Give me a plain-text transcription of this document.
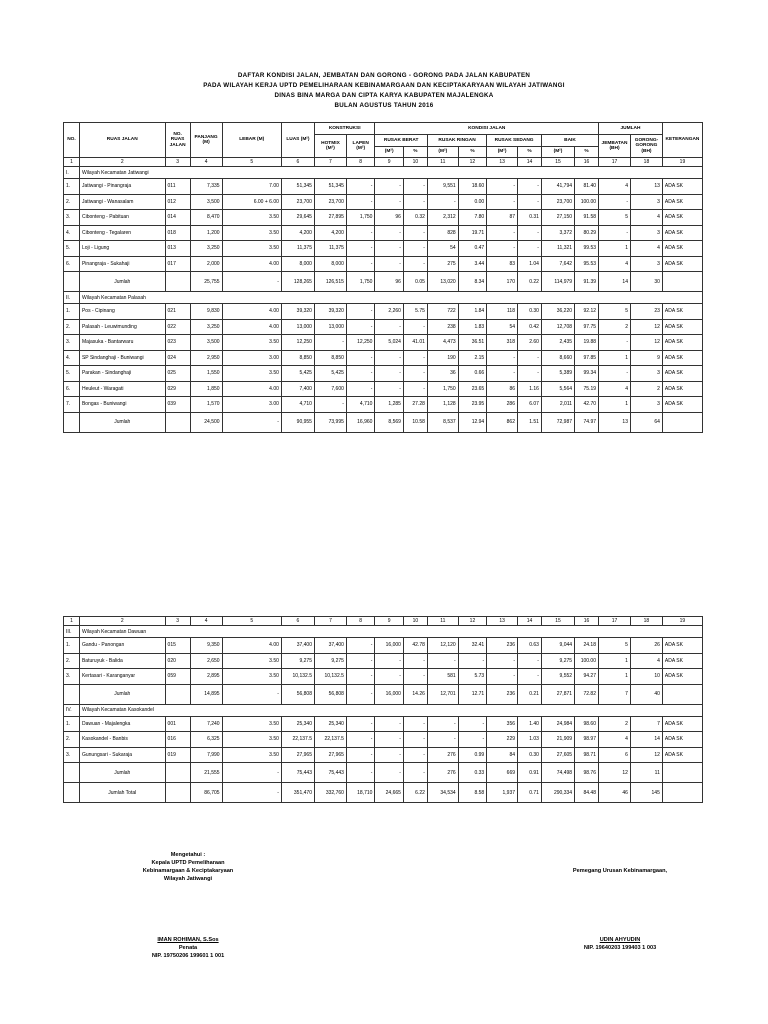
DAFTAR KONDISI JALAN, JEMBATAN DAN GORONG - GORONG PADA JALAN KABUPATEN
PADA WILAYAH KERJA UPTD PEMELIHARAAN KEBINAMARGAAN DAN KECIPTAKARYAAN WILAYAH JATIWANGI
DINAS BINA MARGA DAN CIPTA KARYA KABUPATEN MAJALENGKA
BULAN AGUSTUS TAHUN 2016
NO.	RUAS JALAN	NO. RUAS JALAN	PANJANG (M)	LEBAR (M)	LUAS (M²)	KONSTRUKSI		KONDISI JALAN								JUMLAH		KETERANGAN
						HOTMIX (M²)	LAPEN (M²)	RUSAK BERAT		RUSAK RINGAN		RUSAK SEDANG		BAIK		JEMBATAN (BH)	GORONG-GORONG (BH)	
								(M²)	%	(M²)	%	(M²)	%	(M²)	%			
1	2	3	4	5	6	7	8	9	10	11	12	13	14	15	16	17	18	19
I.	Wilayah Kecamatan Jatiwangi																	
1.	Jatiwangi - Pinangraja	011	7,335	7.00	51,345	51,345	-	-	-	9,551	18.60	-	-	41,794	81.40	4	13	ADA SK
2.	Jatiwangi - Wanasalam	012	3,500	6.00 + 6.00	23,700	23,700	-	-	-	-	0.00	-	-	23,700	100.00	-	3	ADA SK
3.	Cibonteng - Pabituan	014	8,470	3.50	29,645	27,895	1,750	96	0.32	2,312	7.80	87	0.31	27,150	91.58	5	4	ADA SK
4.	Cibonteng - Tegalaren	018	1,200	3.50	4,200	4,200	-	-	-	828	19.71	-	-	3,372	80.29	-	3	ADA SK
5.	Loji - Ligung	013	3,250	3.50	11,375	11,375	-	-	-	54	0.47	-	-	11,321	99.53	1	4	ADA SK
6.	Pinangraja - Sukahaji	017	2,000	4.00	8,000	8,000	-	-	-	275	3.44	83	1.04	7,642	95.53	4	3	ADA SK
	Jumlah		25,755	-	128,265	126,515	1,750	96	0.05	13,020	8.34	170	0.22	114,979	91.39	14	30	
II.	Wilayah Kecamatan Palasah																	
1.	Pos - Cipinang	021	9,830	4.00	39,320	39,320	-	2,260	5.75	722	1.84	118	0.30	36,220	92.12	5	23	ADA SK
2.	Palasah - Leuwimunding	022	3,250	4.00	13,000	13,000	-	-	-	238	1.83	54	0.42	12,708	97.75	2	12	ADA SK
3.	Majasuka - Bantarwaru	023	3,500	3.50	12,250	-	12,250	5,024	41.01	4,473	36.51	318	2.60	2,435	19.88	-	12	ADA SK
4.	SP Sindanghaji - Buniwangi	024	2,950	3.00	8,850	8,850	-	-	-	190	2.15	-	-	8,660	97.85	1	9	ADA SK
5.	Parakan - Sindanghaji	025	1,550	3.50	5,425	5,425	-	-	-	36	0.66	-	-	5,389	99.34	-	3	ADA SK
6.	Heuleut - Waragati	029	1,850	4.00	7,400	7,600	-	-	-	1,750	23.65	86	1.16	5,564	75.19	4	2	ADA SK
7.	Bongas - Buniwangi	039	1,570	3.00	4,710	-	4,710	1,285	27.28	1,128	23.95	286	6.07	2,011	42.70	1	3	ADA SK
	Jumlah		24,500	-	90,955	73,995	16,960	8,569	10.58	8,537	12.94	862	1.51	72,987	74.97	13	64	
1	2	3	4	5	6	7	8	9	10	11	12	13	14	15	16	17	18	19
III.	Wilayah Kecamatan Dawuan																	
1.	Gandu - Panongan	015	9,350	4.00	37,400	37,400	-	16,000	42.78	12,120	32.41	236	0.63	9,044	24.18	5	26	ADA SK
2.	Baturuyuk - Balida	020	2,650	3.50	9,275	9,275	-	-	-	-	-	-	-	9,275	100.00	1	4	ADA SK
3.	Kertasari - Karanganyar	059	2,895	3.50	10,132.5	10,132.5	-	-	-	581	5.73	-	-	9,552	94.27	1	10	ADA SK
	Jumlah		14,895	-	56,808	56,808	-	16,000	14.26	12,701	12.71	236	0.21	27,871	72.82	7	40	
IV.	Wilayah Kecamatan Kasokandel																	
1.	Dawuan - Majalengka	001	7,240	3.50	25,340	25,340	-	-	-	-	-	356	1.40	24,984	98.60	2	7	ADA SK
2.	Kasokandel - Banbis	016	6,325	3.50	22,137.5	22,137.5	-	-	-	-	-	229	1.03	21,909	98.97	4	14	ADA SK
3.	Gunungsari - Sukaraja	019	7,990	3.50	27,965	27,965	-	-	-	276	0.99	84	0.30	27,605	98.71	6	12	ADA SK
	Jumlah		21,555	-	75,443	75,443	-	-	-	276	0.33	669	0.91	74,498	98.76	12	11	
	Jumlah Total		86,705	-	351,470	332,760	18,710	24,665	6.22	34,534	8.58	1,937	0.71	290,334	84.48	46	145	
Mengetahui :
Kepala UPTD Pemeliharaan
Kebinamargaan & Keciptakaryaan
Wilayah Jatiwangi
IMAN ROHIMAN, S.Sos
Penata
NIP. 19750206 199601 1 001
Pemegang Urusan Kebinamargaan,
UDIN AHYUDIN
NIP. 19640203 199403 1 003
